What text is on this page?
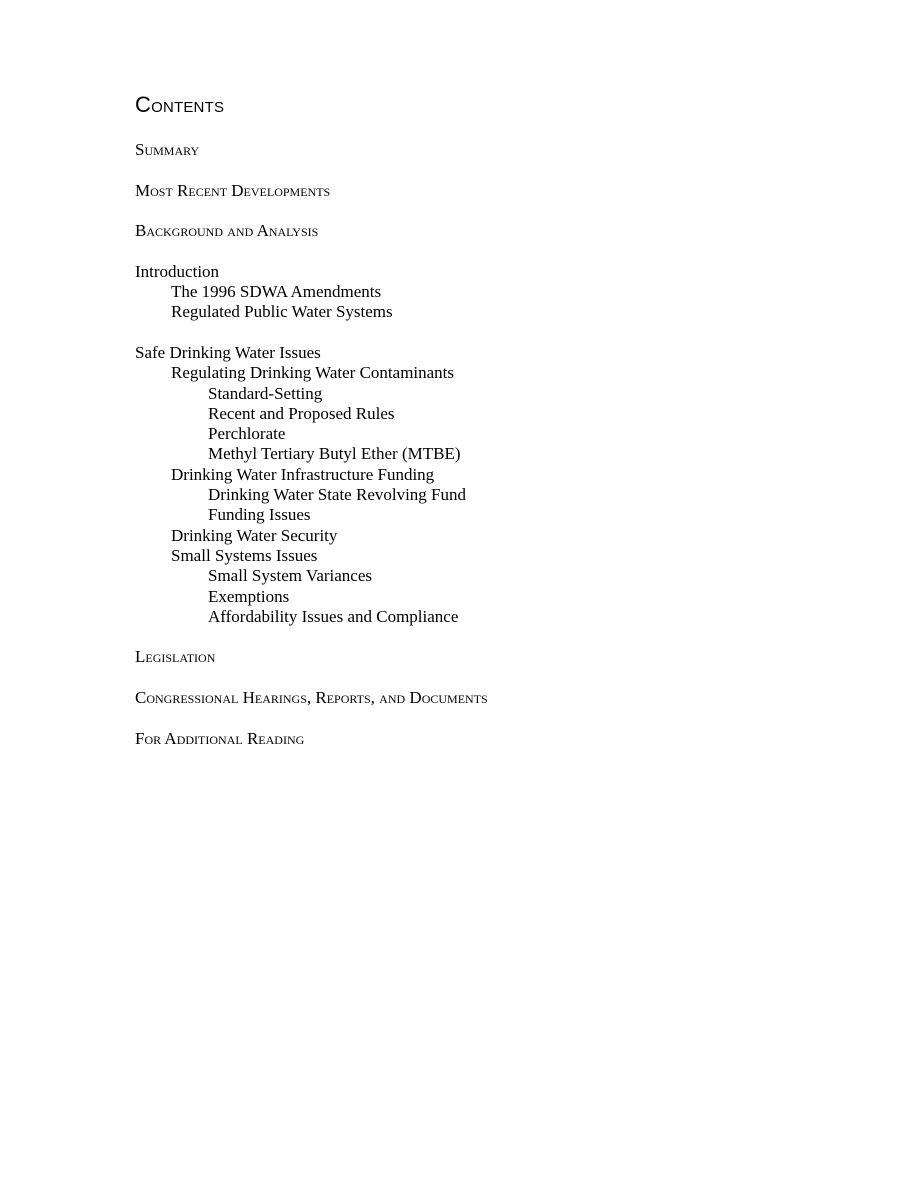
Contents
Summary
Most Recent Developments
Background and Analysis
Introduction
The 1996 SDWA Amendments
Regulated Public Water Systems
Safe Drinking Water Issues
Regulating Drinking Water Contaminants
Standard-Setting
Recent and Proposed Rules
Perchlorate
Methyl Tertiary Butyl Ether (MTBE)
Drinking Water Infrastructure Funding
Drinking Water State Revolving Fund
Funding Issues
Drinking Water Security
Small Systems Issues
Small System Variances
Exemptions
Affordability Issues and Compliance
Legislation
Congressional Hearings, Reports, and Documents
For Additional Reading
